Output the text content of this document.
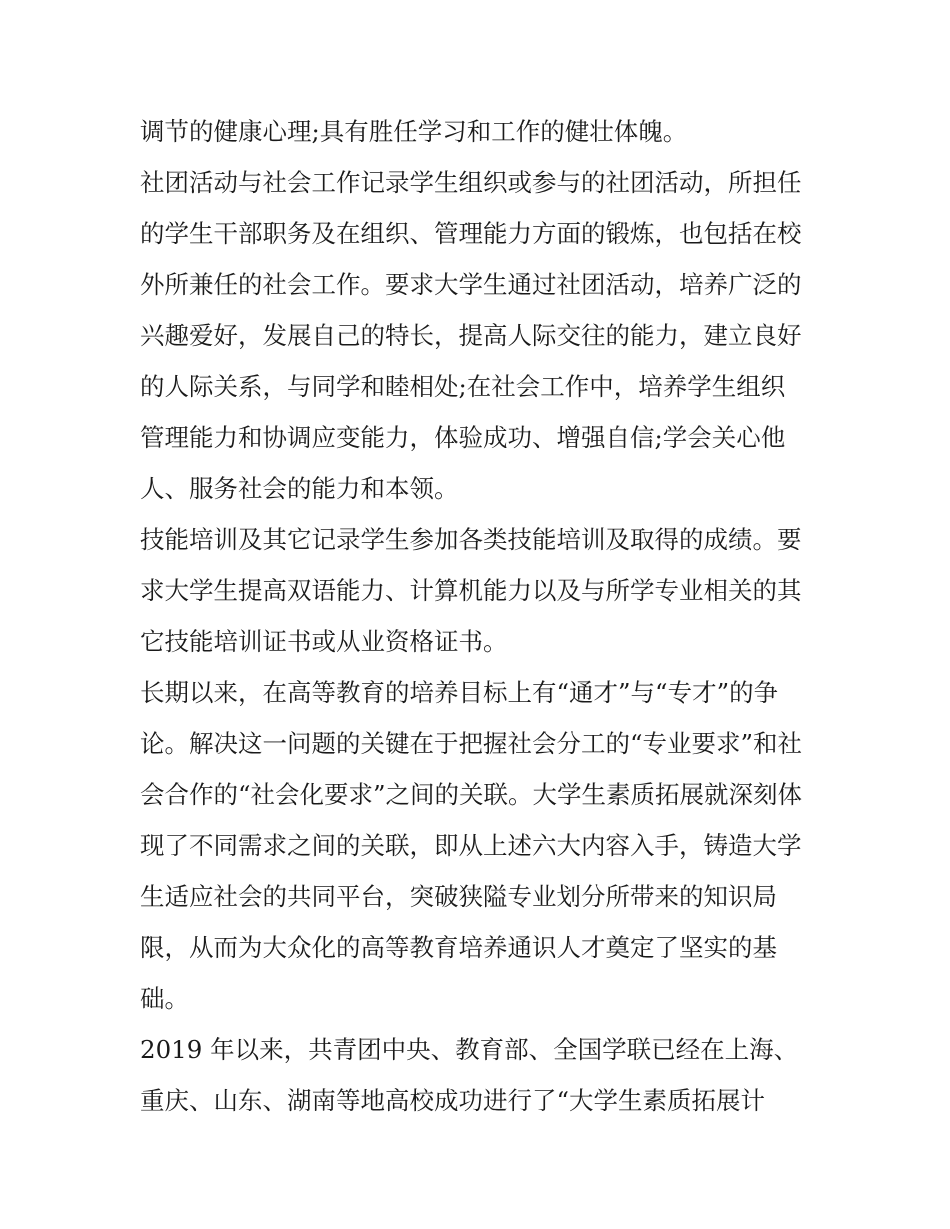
调节的健康心理;具有胜任学习和工作的健壮体魄。
社团活动与社会工作记录学生组织或参与的社团活动，所担任
的学生干部职务及在组织、管理能力方面的锻炼，也包括在校
外所兼任的社会工作。要求大学生通过社团活动，培养广泛的
兴趣爱好，发展自己的特长，提高人际交往的能力，建立良好
的人际关系，与同学和睦相处;在社会工作中，培养学生组织
管理能力和协调应变能力，体验成功、增强自信;学会关心他
人、服务社会的能力和本领。
技能培训及其它记录学生参加各类技能培训及取得的成绩。要
求大学生提高双语能力、计算机能力以及与所学专业相关的其
它技能培训证书或从业资格证书。
长期以来，在高等教育的培养目标上有“通才”与“专才”的争
论。解决这一问题的关键在于把握社会分工的“专业要求”和社
会合作的“社会化要求”之间的关联。大学生素质拓展就深刻体
现了不同需求之间的关联，即从上述六大内容入手，铸造大学
生适应社会的共同平台，突破狭隘专业划分所带来的知识局
限，从而为大众化的高等教育培养通识人才奠定了坚实的基
础。
2019 年以来，共青团中央、教育部、全国学联已经在上海、
重庆、山东、湖南等地高校成功进行了“大学生素质拓展计
